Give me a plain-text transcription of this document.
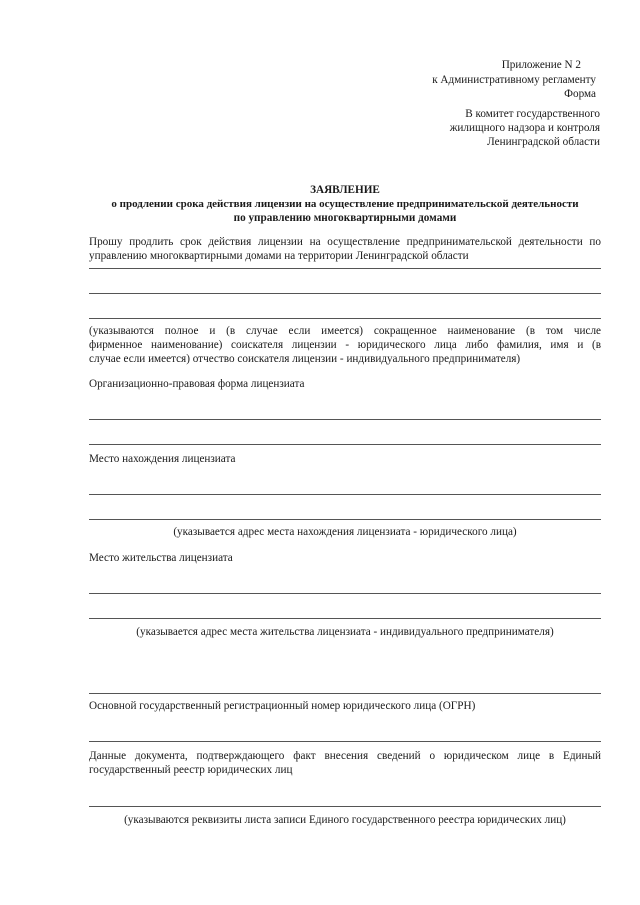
Приложение N 2
к Административному регламенту
Форма
В комитет государственного
жилищного надзора и контроля
Ленинградской области
ЗАЯВЛЕНИЕ
о продлении срока действия лицензии на осуществление предпринимательской деятельности
по управлению многоквартирными домами
Прошу продлить срок действия лицензии на осуществление предпринимательской деятельности по
управлению многоквартирными домами на территории Ленинградской области
(указываются полное и (в случае если имеется) сокращенное наименование (в том числе
фирменное наименование) соискателя лицензии - юридического лица либо фамилия, имя и (в
случае если имеется) отчество соискателя лицензии - индивидуального предпринимателя)
Организационно-правовая форма лицензиата
Место нахождения лицензиата
(указывается адрес места нахождения лицензиата - юридического лица)
Место жительства лицензиата
(указывается адрес места жительства лицензиата - индивидуального предпринимателя)
Основной государственный регистрационный номер юридического лица (ОГРН)
Данные документа, подтверждающего факт внесения сведений о юридическом лице в Единый
государственный реестр юридических лиц
(указываются реквизиты листа записи Единого государственного реестра юридических лиц)
